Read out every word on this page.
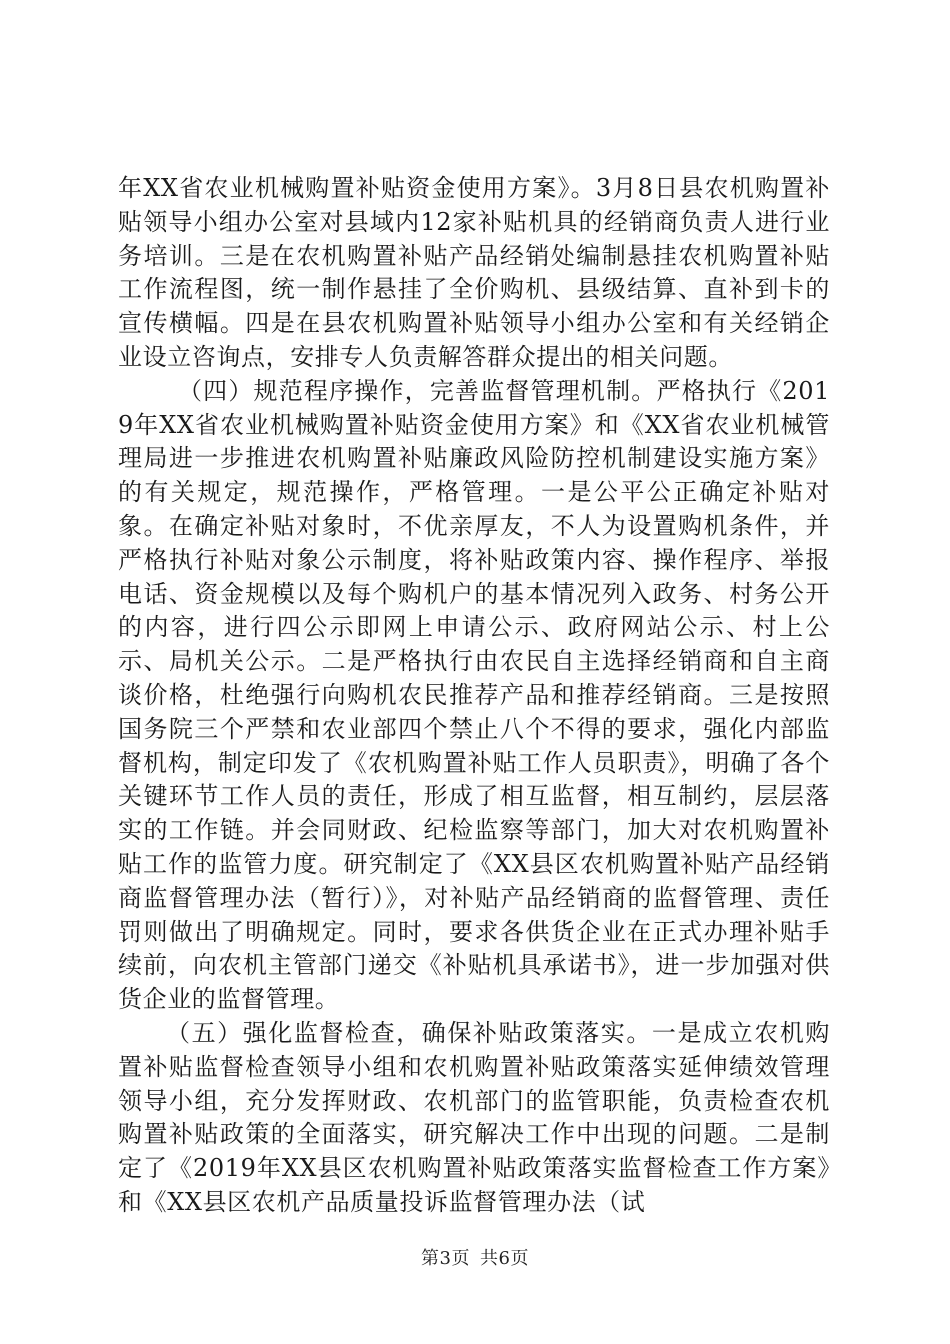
年XX省农业机械购置补贴资金使用方案》。3月8日县农机购置补贴领导小组办公室对县域内12家补贴机具的经销商负责人进行业务培训。三是在农机购置补贴产品经销处编制悬挂农机购置补贴工作流程图，统一制作悬挂了全价购机、县级结算、直补到卡的宣传横幅。四是在县农机购置补贴领导小组办公室和有关经销企业设立咨询点，安排专人负责解答群众提出的相关问题。

（四）规范程序操作，完善监督管理机制。严格执行《2019年XX省农业机械购置补贴资金使用方案》和《XX省农业机械管理局进一步推进农机购置补贴廉政风险防控机制建设实施方案》的有关规定，规范操作，严格管理。一是公平公正确定补贴对象。在确定补贴对象时，不优亲厚友，不人为设置购机条件，并严格执行补贴对象公示制度，将补贴政策内容、操作程序、举报电话、资金规模以及每个购机户的基本情况列入政务、村务公开的内容，进行四公示即网上申请公示、政府网站公示、村上公示、局机关公示。二是严格执行由农民自主选择经销商和自主商谈价格，杜绝强行向购机农民推荐产品和推荐经销商。三是按照国务院三个严禁和农业部四个禁止八个不得的要求，强化内部监督机构，制定印发了《农机购置补贴工作人员职责》，明确了各个关键环节工作人员的责任，形成了相互监督，相互制约，层层落实的工作链。并会同财政、纪检监察等部门，加大对农机购置补贴工作的监管力度。研究制定了《XX县区农机购置补贴产品经销商监督管理办法（暂行）》，对补贴产品经销商的监督管理、责任罚则做出了明确规定。同时，要求各供货企业在正式办理补贴手续前，向农机主管部门递交《补贴机具承诺书》，进一步加强对供货企业的监督管理。

（五）强化监督检查，确保补贴政策落实。一是成立农机购置补贴监督检查领导小组和农机购置补贴政策落实延伸绩效管理领导小组，充分发挥财政、农机部门的监管职能，负责检查农机购置补贴政策的全面落实，研究解决工作中出现的问题。二是制定了《2019年XX县区农机购置补贴政策落实监督检查工作方案》和《XX县区农机产品质量投诉监督管理办法（试

第3页 共6页
